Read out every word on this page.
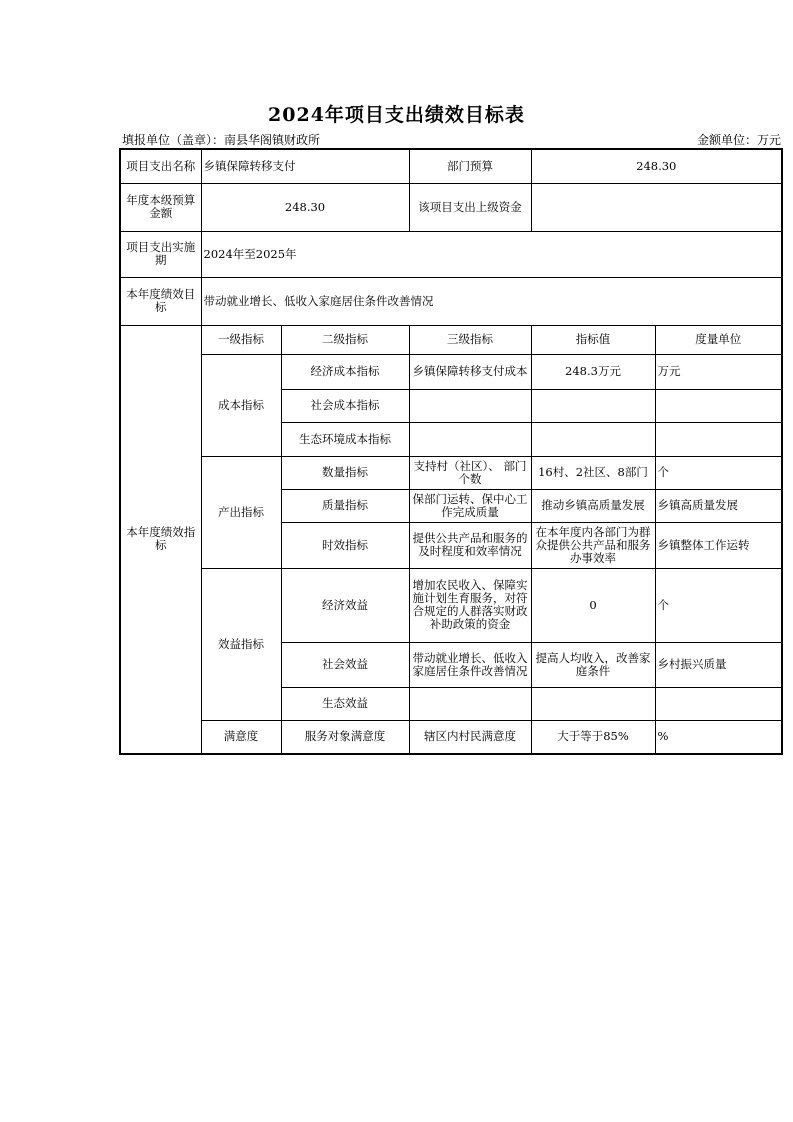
2024年项目支出绩效目标表
填报单位（盖章）：南县华阁镇财政所	金额单位：万元
项目支出名称	乡镇保障转移支付		部门预算	248.30	
年度本级预算金额	248.30		该项目支出上级资金		
项目支出实施期	2024年至2025年				
本年度绩效目标	带动就业增长、低收入家庭居住条件改善情况				
本年度绩效指标	一级指标	二级指标	三级指标	指标值	度量单位
	成本指标	经济成本指标	乡镇保障转移支付成本	248.3万元	万元
		社会成本指标			
		生态环境成本指标			
	产出指标	数量指标	支持村（社区）、 部门个数	16村、2社区、8部门	个
		质量指标	保部门运转、保中心工作完成质量	推动乡镇高质量发展	乡镇高质量发展
		时效指标	提供公共产品和服务的及时程度和效率情况	在本年度内各部门为群众提供公共产品和服务办事效率	乡镇整体工作运转
	效益指标	经济效益	增加农民收入、保障实施计划生育服务，对符合规定的人群落实财政补助政策的资金	0	个
		社会效益	带动就业增长、低收入家庭居住条件改善情况	提高人均收入，改善家庭条件	乡村振兴质量
		生态效益			
	满意度	服务对象满意度	辖区内村民满意度	大于等于85%	%
